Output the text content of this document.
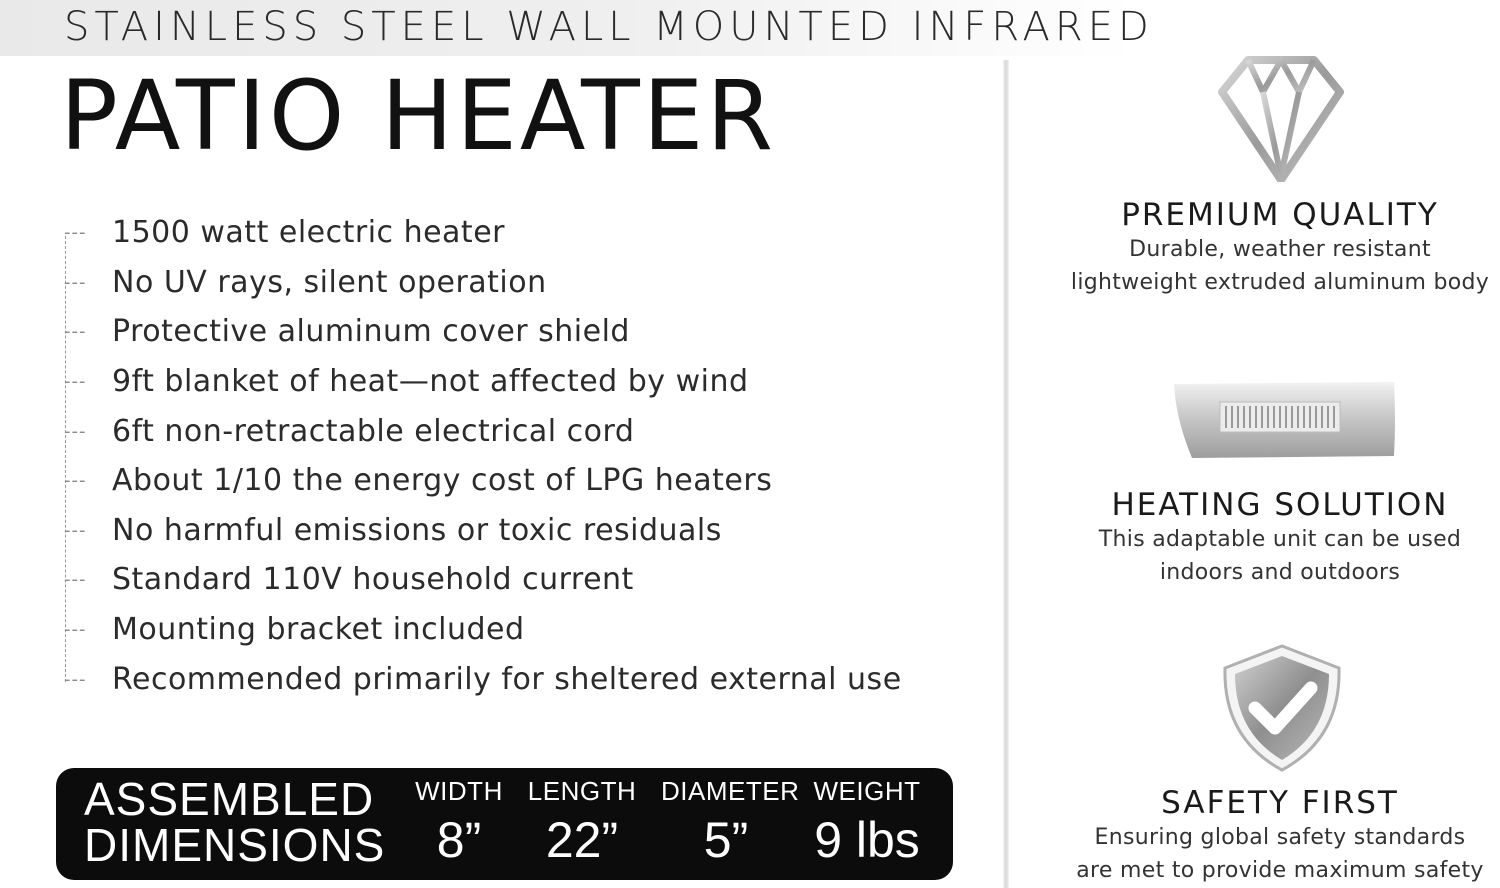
STAINLESS STEEL WALL MOUNTED INFRARED
PATIO HEATER
--- 1500 watt electric heater
--- No UV rays, silent operation
--- Protective aluminum cover shield
--- 9ft blanket of heat—not affected by wind
--- 6ft non-retractable electrical cord
--- About 1/10 the energy cost of LPG heaters
--- No harmful emissions or toxic residuals
--- Standard 110V household current
--- Mounting bracket included
--- Recommended primarily for sheltered external use
ASSEMBLED
DIMENSIONS
WIDTH
8”
LENGTH
22”
DIAMETER
5”
WEIGHT
9 lbs
PREMIUM QUALITY
Durable, weather resistant
lightweight extruded aluminum body
HEATING SOLUTION
This adaptable unit can be used
indoors and outdoors
SAFETY FIRST
Ensuring global safety standards
are met to provide maximum safety
